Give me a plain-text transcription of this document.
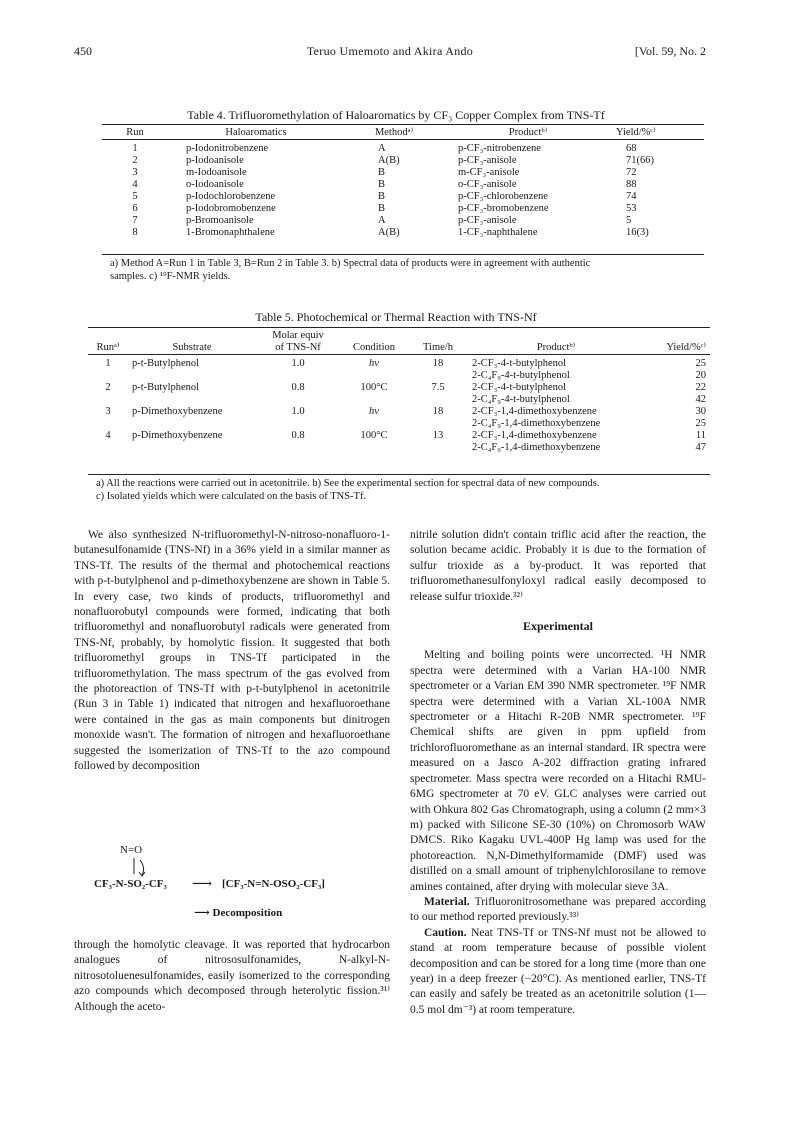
Teruo Umemoto and Akira Ando
450	[Vol. 59, No. 2
Table 4. Trifluoromethylation of Haloaromatics by CF₃ Copper Complex from TNS-Tf
Run	Haloaromatics	Methodᵃ⁾	Productᵇ⁾	Yield/%ᶜ⁾
1	p-Iodonitrobenzene	A	p-CF₃-nitrobenzene	68
2	p-Iodoanisole	A(B)	p-CF₃-anisole	71(66)
3	m-Iodoanisole	B	m-CF₃-anisole	72
4	o-Iodoanisole	B	o-CF₃-anisole	88
5	p-Iodochlorobenzene	B	p-CF₃-chlorobenzene	74
6	p-Iodobromobenzene	B	p-CF₃-bromobenzene	53
7	p-Bromoanisole	A	p-CF₃-anisole	5
8	1-Bromonaphthalene	A(B)	1-CF₃-naphthalene	16(3)
a) Method A=Run 1 in Table 3, B=Run 2 in Table 3. b) Spectral data of products were in agreement with authentic
samples. c) ¹⁹F-NMR yields.
Table 5. Photochemical or Thermal Reaction with TNS-Nf
Runᵃ⁾	Substrate	Molar equiv
of TNS-Nf	Condition	Time/h	Productᵇ⁾	Yield/%ᶜ⁾
1	p-t-Butylphenol	1.0	hν	18	2-CF₃-4-t-butylphenol	25
					2-C₄F₉-4-t-butylphenol	20
2	p-t-Butylphenol	0.8	100°C	7.5	2-CF₃-4-t-butylphenol	22
					2-C₄F₉-4-t-butylphenol	42
3	p-Dimethoxybenzene	1.0	hν	18	2-CF₃-1,4-dimethoxybenzene	30
					2-C₄F₉-1,4-dimethoxybenzene	25
4	p-Dimethoxybenzene	0.8	100°C	13	2-CF₃-1,4-dimethoxybenzene	11
					2-C₄F₉-1,4-dimethoxybenzene	47
a) All the reactions were carried out in acetonitrile. b) See the experimental section for spectral data of new compounds.
c) Isolated yields which were calculated on the basis of TNS-Tf.

We also synthesized N-trifluoromethyl-N-nitroso-nonafluoro-1-butanesulfonamide (TNS-Nf) in a 36% yield in a similar manner as TNS-Tf. The results of the thermal and photochemical reactions with p-t-butylphenol and p-dimethoxybenzene are shown in Table 5. In every case, two kinds of products, trifluoromethyl and nonafluorobutyl compounds were formed, indicating that both trifluoromethyl and nonafluorobutyl radicals were generated from TNS-Nf, probably, by homolytic fission. It suggested that both trifluoromethyl groups in TNS-Tf participated in the trifluoromethylation. The mass spectrum of the gas evolved from the photoreaction of TNS-Tf with p-t-butylphenol in acetonitrile (Run 3 in Table 1) indicated that nitrogen and hexafluoroethane were contained in the gas as main components but dinitrogen monoxide wasn't. The formation of nitrogen and hexafluoroethane suggested the isomerization of TNS-Tf to the azo compound followed by decomposition

N=O
CF₃-N-SO₂-CF₃ ⟶ [CF₃-N=N-OSO₂-CF₃]
⟶ Decomposition

through the homolytic cleavage. It was reported that hydrocarbon analogues of nitrososulfonamides, N-alkyl-N-nitrosotoluenesulfonamides, easily isomerized to the corresponding azo compounds which decomposed through heterolytic fission.³¹⁾ Although the aceto-

nitrile solution didn't contain triflic acid after the reaction, the solution became acidic. Probably it is due to the formation of sulfur trioxide as a by-product. It was reported that trifluoromethanesulfonyloxyl radical easily decomposed to release sulfur trioxide.³²⁾

Experimental

Melting and boiling points were uncorrected. ¹H NMR spectra were determined with a Varian HA-100 NMR spectrometer or a Varian EM 390 NMR spectrometer. ¹⁹F NMR spectra were determined with a Varian XL-100A NMR spectrometer or a Hitachi R-20B NMR spectrometer. ¹⁹F Chemical shifts are given in ppm upfield from trichlorofluoromethane as an internal standard. IR spectra were measured on a Jasco A-202 diffraction grating infrared spectrometer. Mass spectra were recorded on a Hitachi RMU-6MG spectrometer at 70 eV. GLC analyses were carried out with Ohkura 802 Gas Chromatograph, using a column (2 mm×3 m) packed with Silicone SE-30 (10%) on Chromosorb WAW DMCS. Riko Kagaku UVL-400P Hg lamp was used for the photoreaction. N,N-Dimethylformamide (DMF) used was distilled on a small amount of triphenylchlorosilane to remove amines contained, after drying with molecular sieve 3A.

Material. Trifluoronitrosomethane was prepared according to our method reported previously.³³⁾

Caution. Neat TNS-Tf or TNS-Nf must not be allowed to stand at room temperature because of possible violent decomposition and can be stored for a long time (more than one year) in a deep freezer (−20°C). As mentioned earlier, TNS-Tf can easily and safely be treated as an acetonitrile solution (1—0.5 mol dm⁻³) at room temperature.
